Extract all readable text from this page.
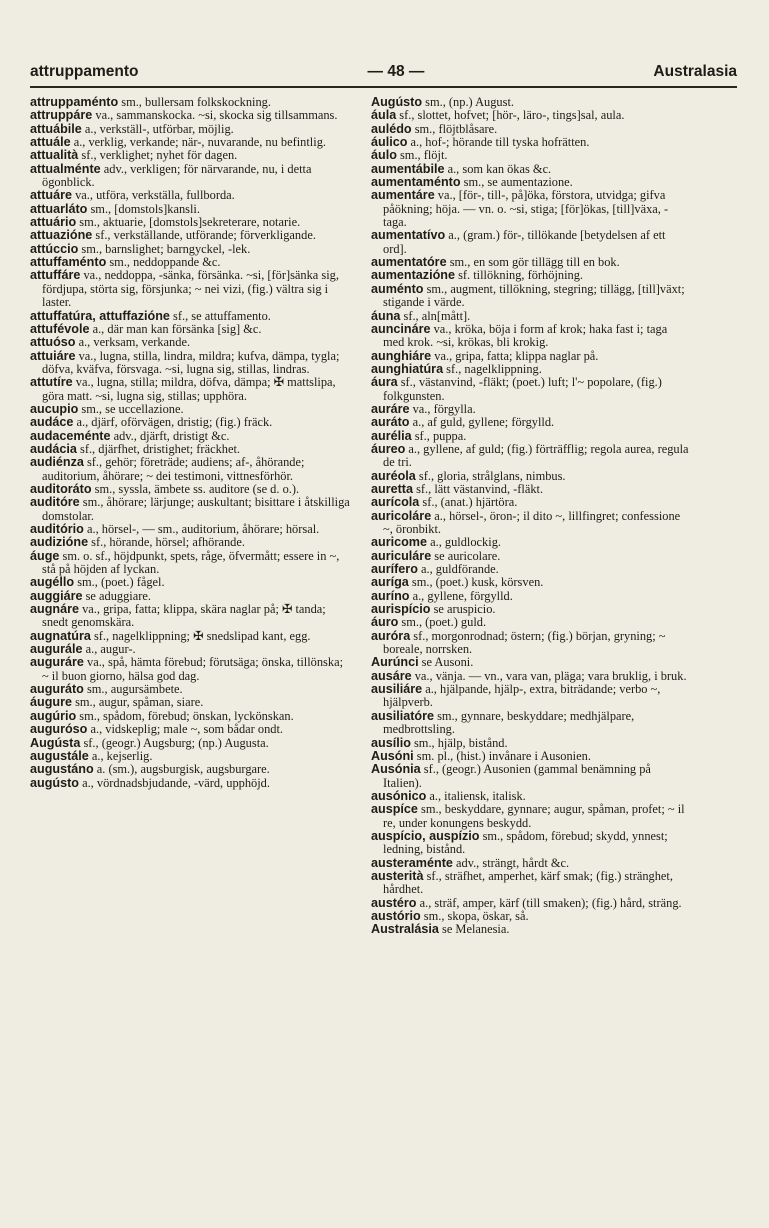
attruppamento	— 48 —	Australasia

attruppaménto sm., bullersam folkskockning.

attruppáre va., sammanskocka. ~si, skocka sig tillsammans.

attuábile a., verkställ-, utförbar, möjlig.

attuále a., verklig, verkande; när-, nuvarande, nu befintlig.

attualità sf., verklighet; nyhet för dagen.

attualménte adv., verkligen; för närvarande, nu, i detta ögonblick.

attuáre va., utföra, verkställa, fullborda.

attuarláto sm., [domstols]kansli.

attuário sm., aktuarie, [domstols]sekreterare, notarie.

attuazióne sf., verkställande, utförande; förverkligande.

attúccio sm., barnslighet; barngyckel, -lek.

attuffaménto sm., neddoppande &c.

attuffáre va., neddoppa, -sänka, försänka. ~si, [för]sänka sig, fördjupa, störta sig, försjunka; ~ nei vizi, (fig.) vältra sig i laster.

attuffatúra, attuffazióne sf., se attuffamento.

attufévole a., där man kan försänka [sig] &c.

attuóso a., verksam, verkande.

attuiáre va., lugna, stilla, lindra, mildra; kufva, dämpa, tygla; döfva, kväfva, försvaga. ~si, lugna sig, stillas, lindras.

attutíre va., lugna, stilla; mildra, döfva, dämpa; ✠ mattslipa, göra matt. ~si, lugna sig, stillas; upphöra.

aucupio sm., se uccellazione.

audáce a., djärf, oförvägen, dristig; (fig.) fräck.

audaceménte adv., djärft, dristigt &c.

audácia sf., djärfhet, dristighet; fräckhet.

audiénza sf., gehör; företräde; audiens; af-, åhörande; auditorium, åhörare; ~ dei testimoni, vittnesförhör.

auditoráto sm., syssla, ämbete ss. auditore (se d. o.).

auditóre sm., åhörare; lärjunge; auskultant; bisittare i åtskilliga domstolar.

auditório a., hörsel-, — sm., auditorium, åhörare; hörsal.

audizióne sf., hörande, hörsel; afhörande.

áuge sm. o. sf., höjdpunkt, spets, råge, öfvermått; essere in ~, stå på höjden af lyckan.

augéllo sm., (poet.) fågel.

auggiáre se aduggiare.

augnáre va., gripa, fatta; klippa, skära naglar på; ✠ tanda; snedt genomskära.

augnatúra sf., nagelklippning; ✠ snedslipad kant, egg.

augurále a., augur-.

auguráre va., spå, hämta förebud; förutsäga; önska, tillönska; ~ il buon giorno, hälsa god dag.

auguráto sm., augursämbete.

áugure sm., augur, spåman, siare.

augúrio sm., spådom, förebud; önskan, lyckönskan.

auguróso a., vidskeplig; male ~, som bådar ondt.

Augústa sf., (geogr.) Augsburg; (np.) Augusta.

augustále a., kejserlig.

augustáno a. (sm.), augsburgisk, augsburgare.

augústo a., vördnadsbjudande, -värd, upphöjd.

Augústo sm., (np.) August.

áula sf., slottet, hofvet; [hör-, läro-, tings]sal, aula.

aulédo sm., flöjtblåsare.

áulico a., hof-; hörande till tyska hofrätten.

áulo sm., flöjt.

aumentábile a., som kan ökas &c.

aumentaménto sm., se aumentazione.

aumentáre va., [för-, till-, på]öka, förstora, utvidga; gifva påökning; höja. — vn. o. ~si, stiga; [för]ökas, [till]växa, -taga.

aumentatívo a., (gram.) för-, tillökande [betydelsen af ett ord].

aumentatóre sm., en som gör tillägg till en bok.

aumentazióne sf. tillökning, förhöjning.

auménto sm., augment, tillökning, stegring; tillägg, [till]växt; stigande i värde.

áuna sf., aln[mått].

auncináre va., kröka, böja i form af krok; haka fast i; taga med krok. ~si, krökas, bli krokig.

aunghiáre va., gripa, fatta; klippa naglar på.

aunghiatúra sf., nagelklippning.

áura sf., västanvind, -fläkt; (poet.) luft; l'~ popolare, (fig.) folkgunsten.

auráre va., förgylla.

auráto a., af guld, gyllene; förgylld.

aurélia sf., puppa.

áureo a., gyllene, af guld; (fig.) förträfflig; regola aurea, regula de tri.

auréola sf., gloria, strålglans, nimbus.

auretta sf., lätt västanvind, -fläkt.

aurícola sf., (anat.) hjärtöra.

auricoláre a., hörsel-, öron-; il dito ~, lillfingret; confessione ~, öronbikt.

auricome a., guldlockig.

auriculáre se auricolare.

aurífero a., guldförande.

auríga sm., (poet.) kusk, körsven.

auríno a., gyllene, förgylld.

aurispício se aruspicio.

áuro sm., (poet.) guld.

auróra sf., morgonrodnad; östern; (fig.) början, gryning; ~ boreale, norrsken.

Aurúnci se Ausoni.

ausáre va., vänja. — vn., vara van, pläga; vara bruklig, i bruk.

ausiliáre a., hjälpande, hjälp-, extra, biträdande; verbo ~, hjälpverb.

ausiliatóre sm., gynnare, beskyddare; medhjälpare, medbrottsling.

ausílio sm., hjälp, bistånd.

Ausóni sm. pl., (hist.) invånare i Ausonien.

Ausónia sf., (geogr.) Ausonien (gammal benämning på Italien).

ausónico a., italiensk, italisk.

auspíce sm., beskyddare, gynnare; augur, spåman, profet; ~ il re, under konungens beskydd.

auspício, auspízio sm., spådom, förebud; skydd, ynnest; ledning, bistånd.

austeraménte adv., strängt, hårdt &c.

austerità sf., sträfhet, amperhet, kärf smak; (fig.) stränghet, hårdhet.

austéro a., sträf, amper, kärf (till smaken); (fig.) hård, sträng.

austório sm., skopa, öskar, så.

Australásia se Melanesia.
